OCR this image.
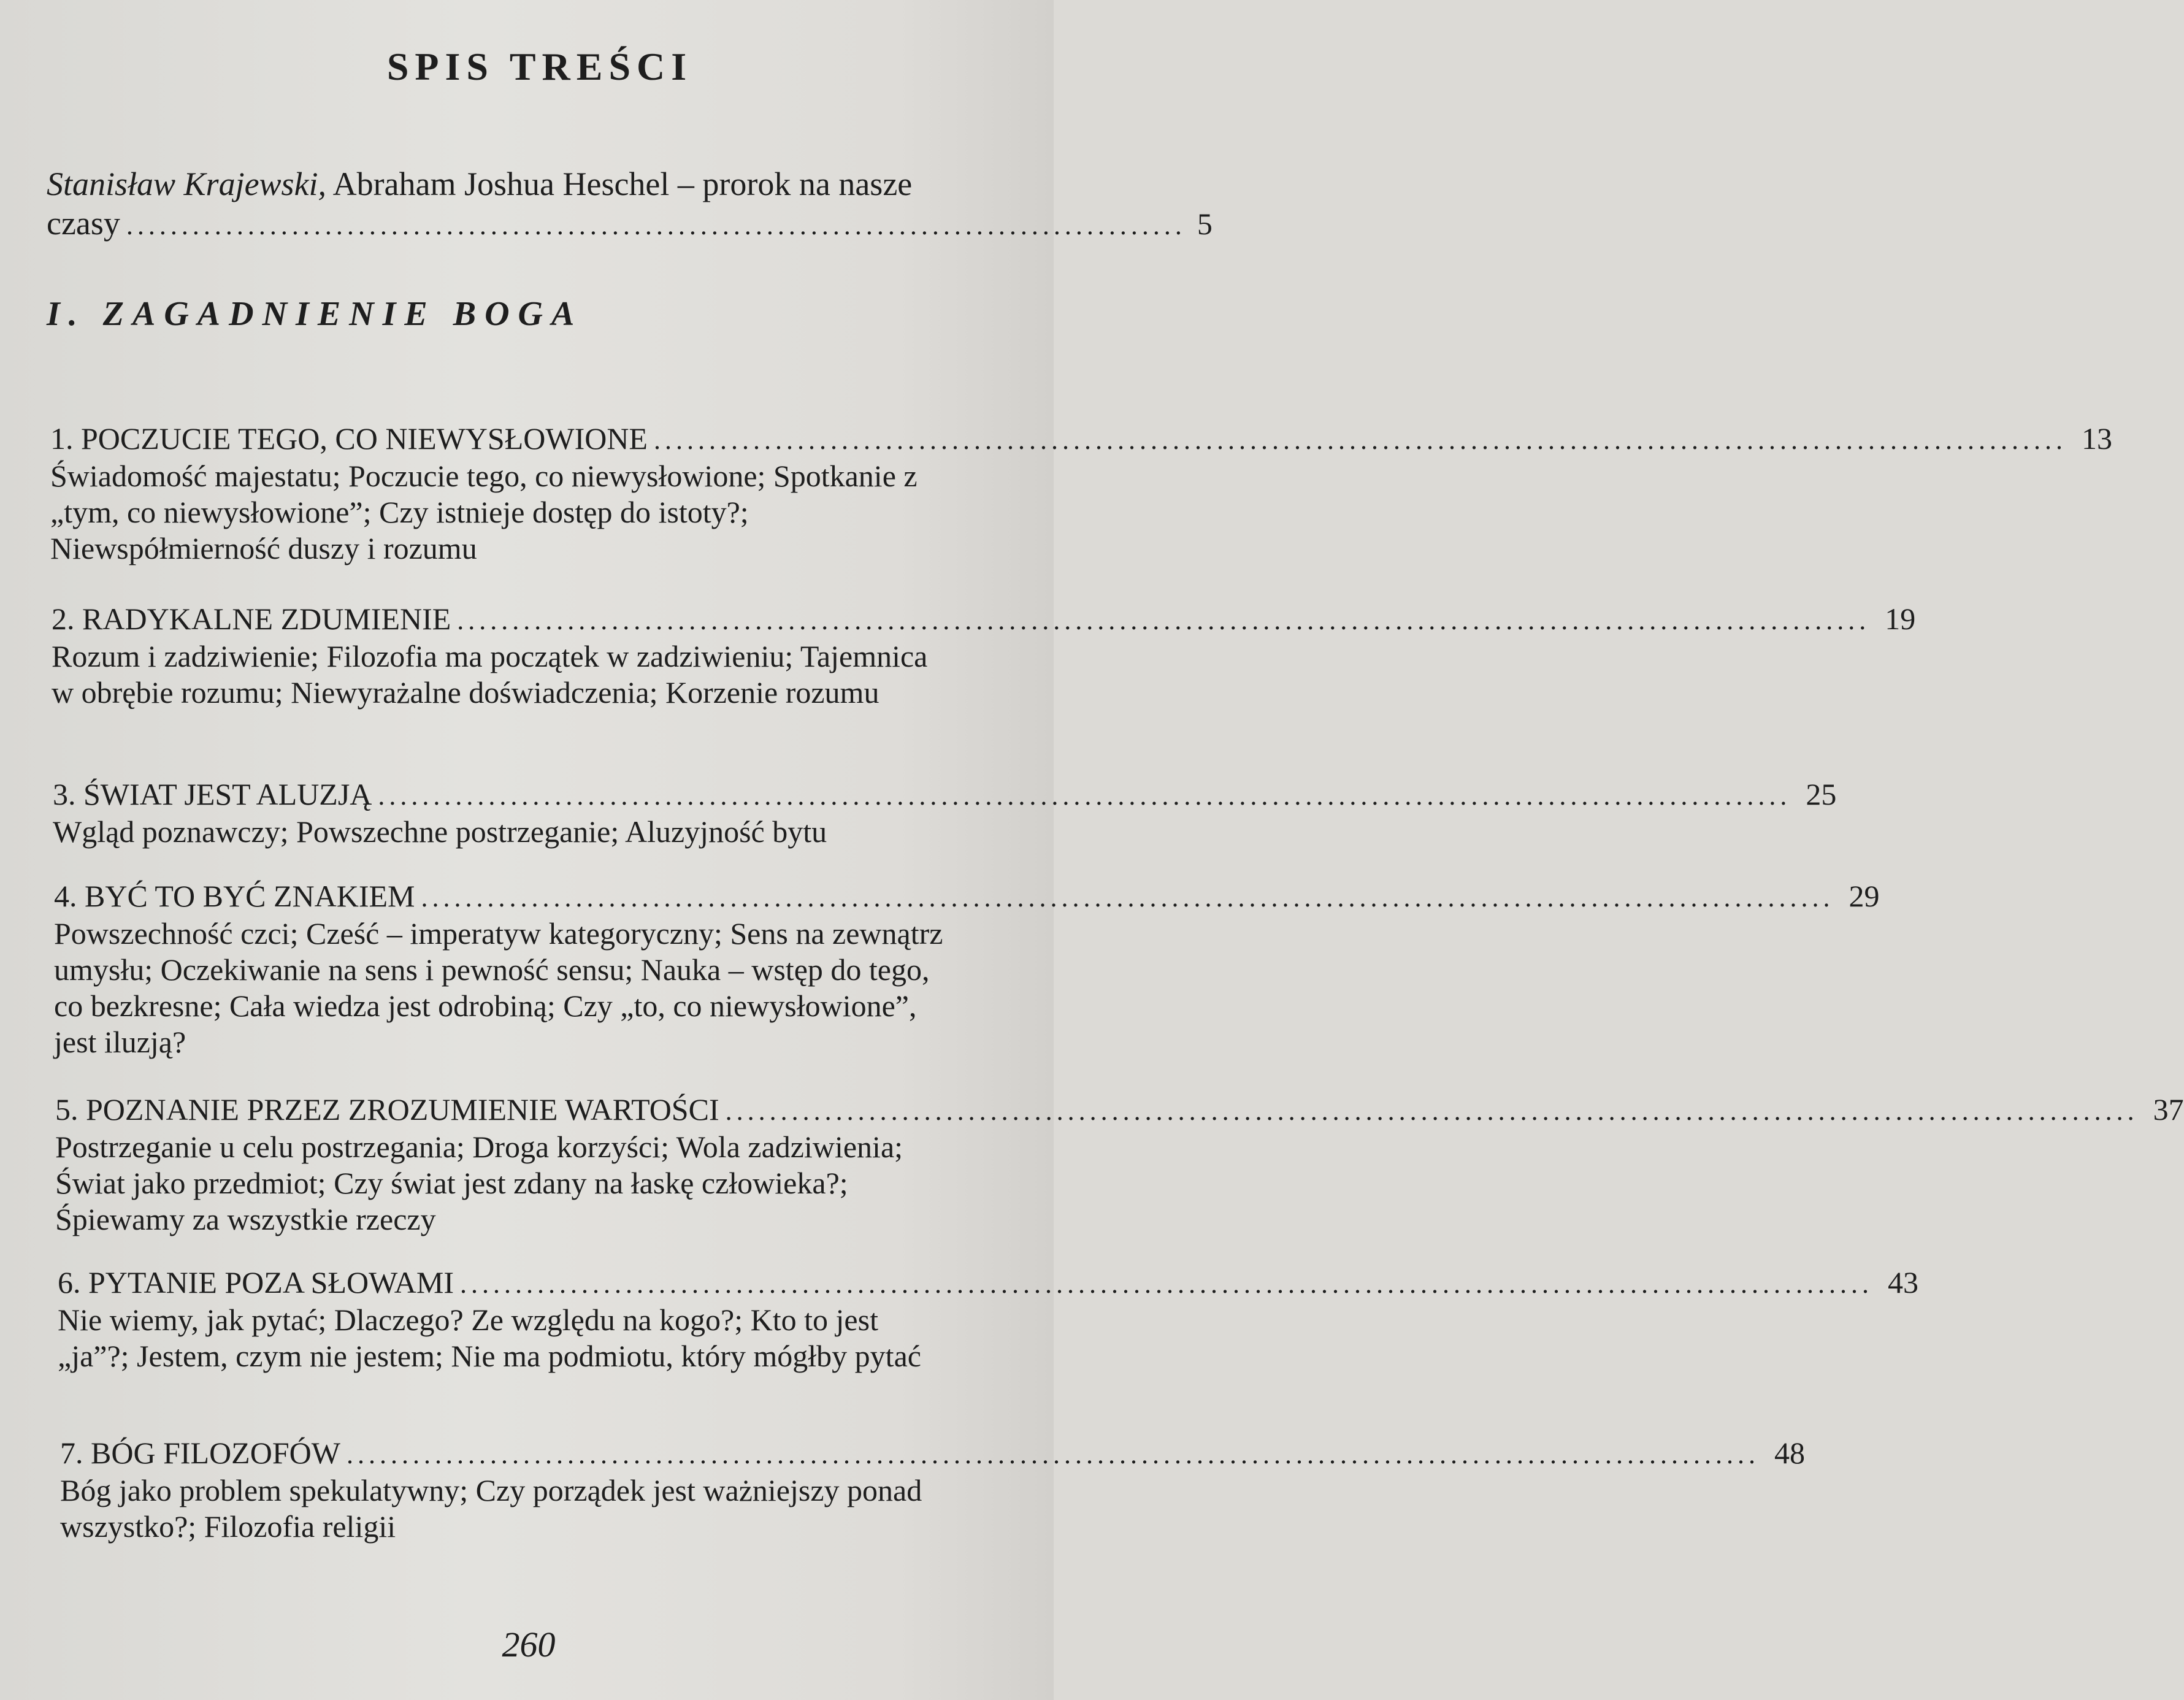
SPIS TREŚCI
Stanisław Krajewski, Abraham Joshua Heschel – prorok na nasze
czasy ................................................................................................ 5
I. ZAGADNIENIE BOGA
1. POCZUCIE TEGO, CO NIEWYSŁOWIONE ................................................................................................................................ 13
Świadomość majestatu; Poczucie tego, co niewysłowione; Spotkanie z „tym, co niewysłowione”; Czy istnieje dostęp do istoty?; Niewspółmierność duszy i rozumu
2. RADYKALNE ZDUMIENIE ................................................................................................................................ 19
Rozum i zadziwienie; Filozofia ma początek w zadziwieniu; Tajemnica w obrębie rozumu; Niewyrażalne doświadczenia; Korzenie rozumu
3. ŚWIAT JEST ALUZJĄ ................................................................................................................................ 25
Wgląd poznawczy; Powszechne postrzeganie; Aluzyjność bytu
4. BYĆ TO BYĆ ZNAKIEM ................................................................................................................................ 29
Powszechność czci; Cześć – imperatyw kategoryczny; Sens na zewnątrz umysłu; Oczekiwanie na sens i pewność sensu; Nauka – wstęp do tego, co bezkresne; Cała wiedza jest odrobiną; Czy „to, co niewysłowione”, jest iluzją?
5. POZNANIE PRZEZ ZROZUMIENIE WARTOŚCI ................................................................................................................................ 37
Postrzeganie u celu postrzegania; Droga korzyści; Wola zadziwienia; Świat jako przedmiot; Czy świat jest zdany na łaskę człowieka?; Śpiewamy za wszystkie rzeczy
6. PYTANIE POZA SŁOWAMI ................................................................................................................................ 43
Nie wiemy, jak pytać; Dlaczego? Ze względu na kogo?; Kto to jest „ja”?; Jestem, czym nie jestem; Nie ma podmiotu, który mógłby pytać
7. BÓG FILOZOFÓW ................................................................................................................................ 48
Bóg jako problem spekulatywny; Czy porządek jest ważniejszy ponad wszystko?; Filozofia religii
260
